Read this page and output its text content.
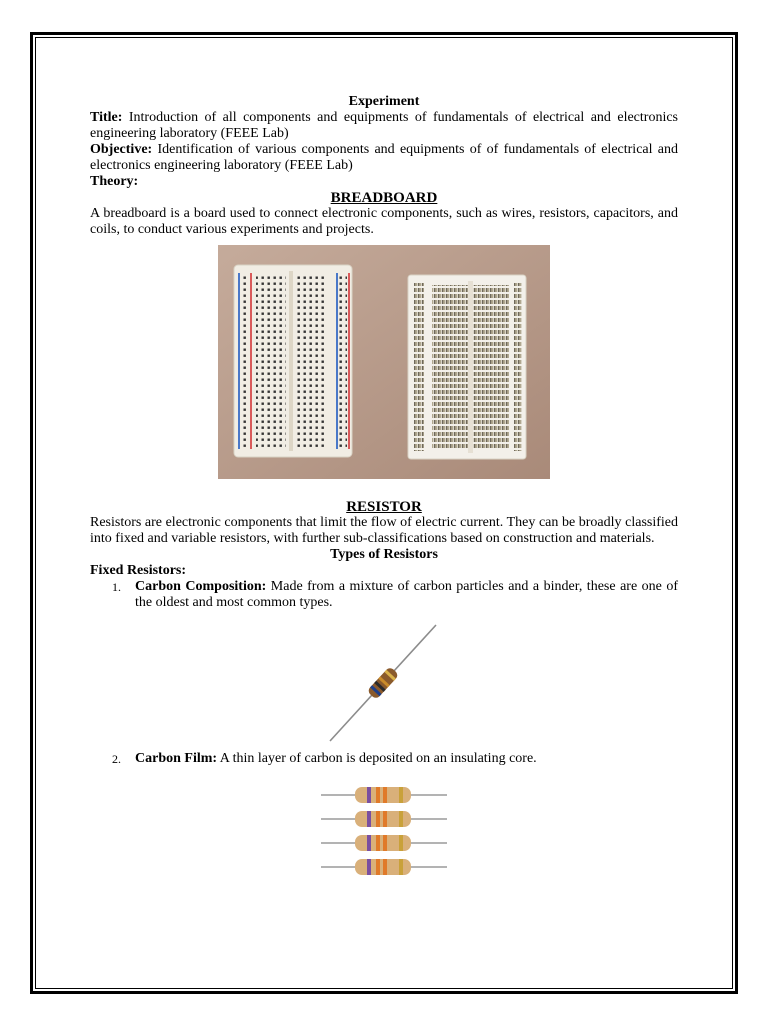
Experiment

Title: Introduction of all components and equipments of fundamentals of electrical and electronics engineering laboratory (FEEE Lab)

Objective: Identification of various components and equipments of of fundamentals of electrical and electronics engineering laboratory (FEEE Lab)

Theory:

BREADBOARD

A breadboard is a board used to connect electronic components, such as wires, resistors, capacitors, and coils, to conduct various experiments and projects.

RESISTOR

Resistors are electronic components that limit the flow of electric current. They can be broadly classified into fixed and variable resistors, with further sub-classifications based on construction and materials.

Types of Resistors

Fixed Resistors:

1. Carbon Composition: Made from a mixture of carbon particles and a binder, these are one of the oldest and most common types.
2. Carbon Film: A thin layer of carbon is deposited on an insulating core.
